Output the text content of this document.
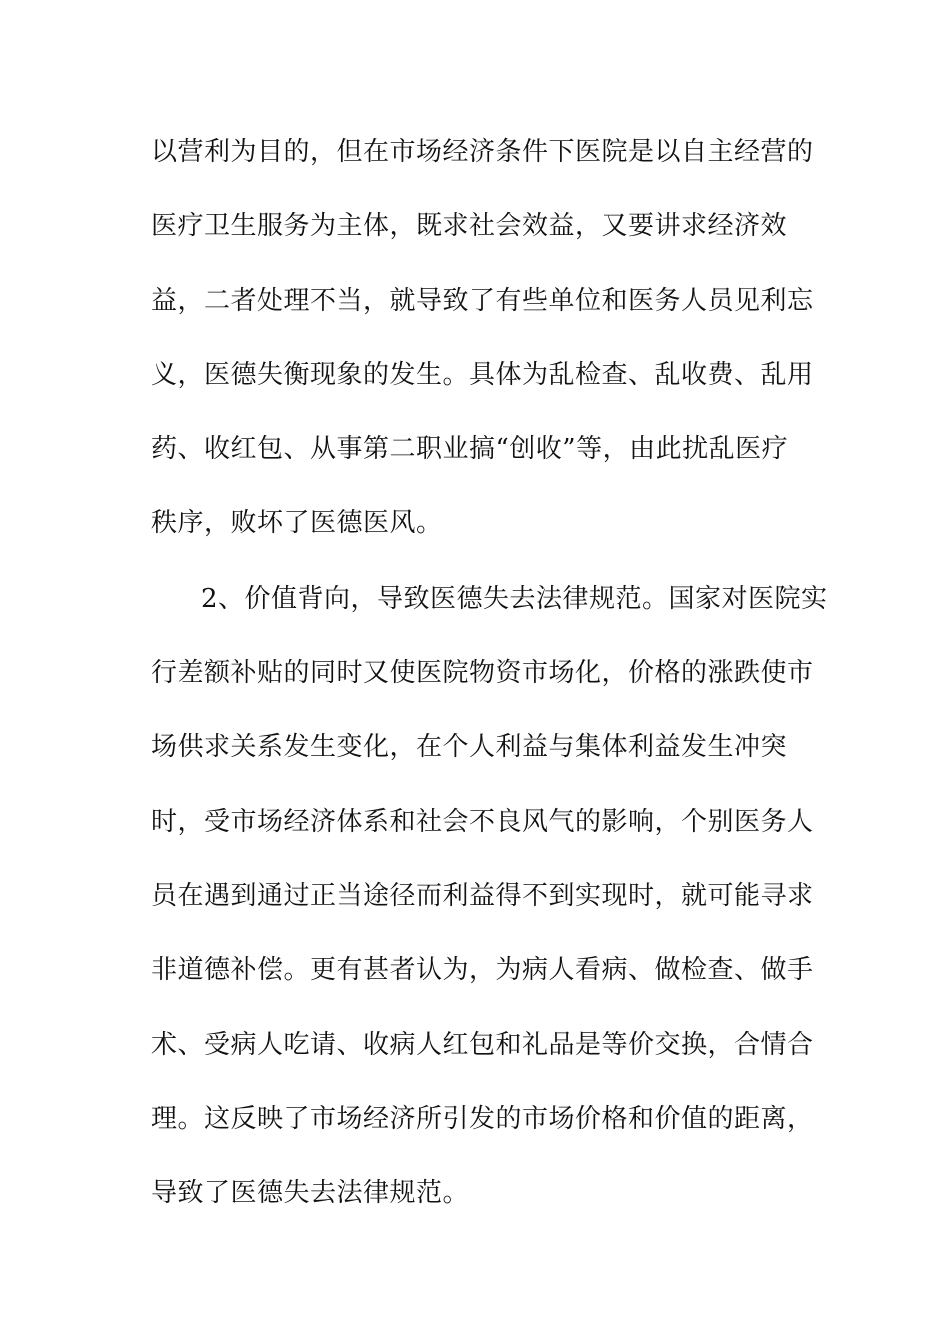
以营利为目的，但在市场经济条件下医院是以自主经营的
医疗卫生服务为主体，既求社会效益，又要讲求经济效
益，二者处理不当，就导致了有些单位和医务人员见利忘
义，医德失衡现象的发生。具体为乱检查、乱收费、乱用
药、收红包、从事第二职业搞“创收”等，由此扰乱医疗
秩序，败坏了医德医风。
2、价值背向，导致医德失去法律规范。国家对医院实
行差额补贴的同时又使医院物资市场化，价格的涨跌使市
场供求关系发生变化，在个人利益与集体利益发生冲突
时，受市场经济体系和社会不良风气的影响，个别医务人
员在遇到通过正当途径而利益得不到实现时，就可能寻求
非道德补偿。更有甚者认为，为病人看病、做检查、做手
术、受病人吃请、收病人红包和礼品是等价交换，合情合
理。这反映了市场经济所引发的市场价格和价值的距离，
导致了医德失去法律规范。
